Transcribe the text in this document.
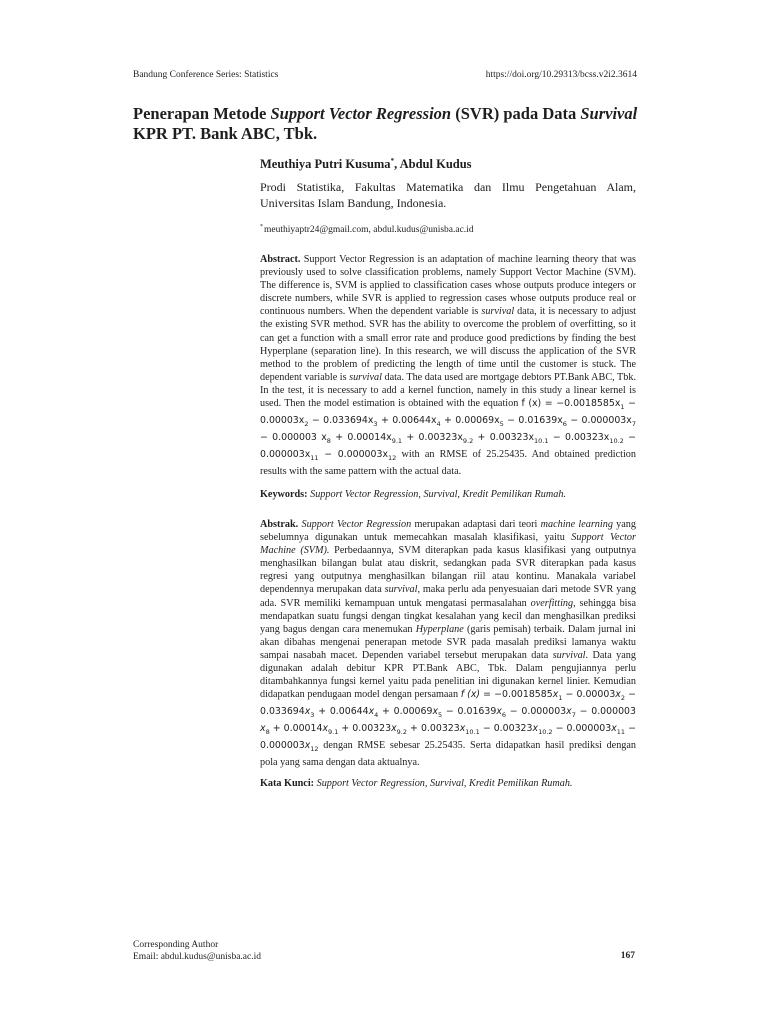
Bandung Conference Series: Statistics	https://doi.org/10.29313/bcss.v2i2.3614
Penerapan Metode Support Vector Regression (SVR) pada Data Survival KPR PT. Bank ABC, Tbk.
Meuthiya Putri Kusuma*, Abdul Kudus
Prodi Statistika, Fakultas Matematika dan Ilmu Pengetahuan Alam, Universitas Islam Bandung, Indonesia.
*meuthiyaptr24@gmail.com, abdul.kudus@unisba.ac.id

Abstract. Support Vector Regression is an adaptation of machine learning theory that was previously used to solve classification problems, namely Support Vector Machine (SVM). The difference is, SVM is applied to classification cases whose outputs produce integers or discrete numbers, while SVR is applied to regression cases whose outputs produce real or continuous numbers. When the dependent variable is survival data, it is necessary to adjust the existing SVR method. SVR has the ability to overcome the problem of overfitting, so it can get a function with a small error rate and produce good predictions by finding the best Hyperplane (separation line). In this research, we will discuss the application of the SVR method to the problem of predicting the length of time until the customer is stuck. The dependent variable is survival data. The data used are mortgage debtors PT.Bank ABC, Tbk. In the test, it is necessary to add a kernel function, namely in this study a linear kernel is used. Then the model estimation is obtained with the equation f $(x) = -0.0018585x_1 - 0.00003x_2 - 0.033694x_3 + 0.00644x_4 + 0.00069x_5 - 0.01639x_6 - 0.000003x_7 - 0.000003$ $x_8 + 0.00014x_{9.1} + 0.00323x_{9.2} + 0.00323x_{10.1} - 0.00323x_{10.2} - 0.000003x_{11} - 0.000003x_{12}$ with an RMSE of 25.25435. And obtained prediction results with the same pattern with the actual data.

Keywords: Support Vector Regression, Survival, Kredit Pemilikan Rumah.

Abstrak. Support Vector Regression merupakan adaptasi dari teori machine learning yang sebelumnya digunakan untuk memecahkan masalah klasifikasi, yaitu Support Vector Machine (SVM). Perbedaannya, SVM diterapkan pada kasus klasifikasi yang outputnya menghasilkan bilangan bulat atau diskrit, sedangkan pada SVR diterapkan pada kasus regresi yang outputnya menghasilkan bilangan riil atau kontinu. Manakala variabel dependennya merupakan data survival, maka perlu ada penyesuaian dari metode SVR yang ada. SVR memiliki kemampuan untuk mengatasi permasalahan overfitting, sehingga bisa mendapatkan suatu fungsi dengan tingkat kesalahan yang kecil dan menghasilkan prediksi yang bagus dengan cara menemukan Hyperplane (garis pemisah) terbaik. Dalam jurnal ini akan dibahas mengenai penerapan metode SVR pada masalah prediksi lamanya waktu sampai nasabah macet. Dependen variabel tersebut merupakan data survival. Data yang digunakan adalah debitur KPR PT.Bank ABC, Tbk. Dalam pengujiannya perlu ditambahkannya fungsi kernel yaitu pada penelitian ini digunakan kernel linier. Kemudian didapatkan pendugaan model dengan persamaan f $(x) = -0.0018585x_1 - 0.00003x_2 - 0.033694x_3 + 0.00644x_4 + 0.00069x_5 - 0.01639x_6 - 0.000003x_7 - 0.000003$ $x_8 + 0.00014x_{9.1} + 0.00323x_{9.2} + 0.00323x_{10.1} - 0.00323x_{10.2} - 0.000003x_{11} - 0.000003x_{12}$ dengan RMSE sebesar 25.25435. Serta didapatkan hasil prediksi dengan pola yang sama dengan data aktualnya.

Kata Kunci: Support Vector Regression, Survival, Kredit Pemilikan Rumah.
Corresponding Author
Email: abdul.kudus@unisba.ac.id	167
